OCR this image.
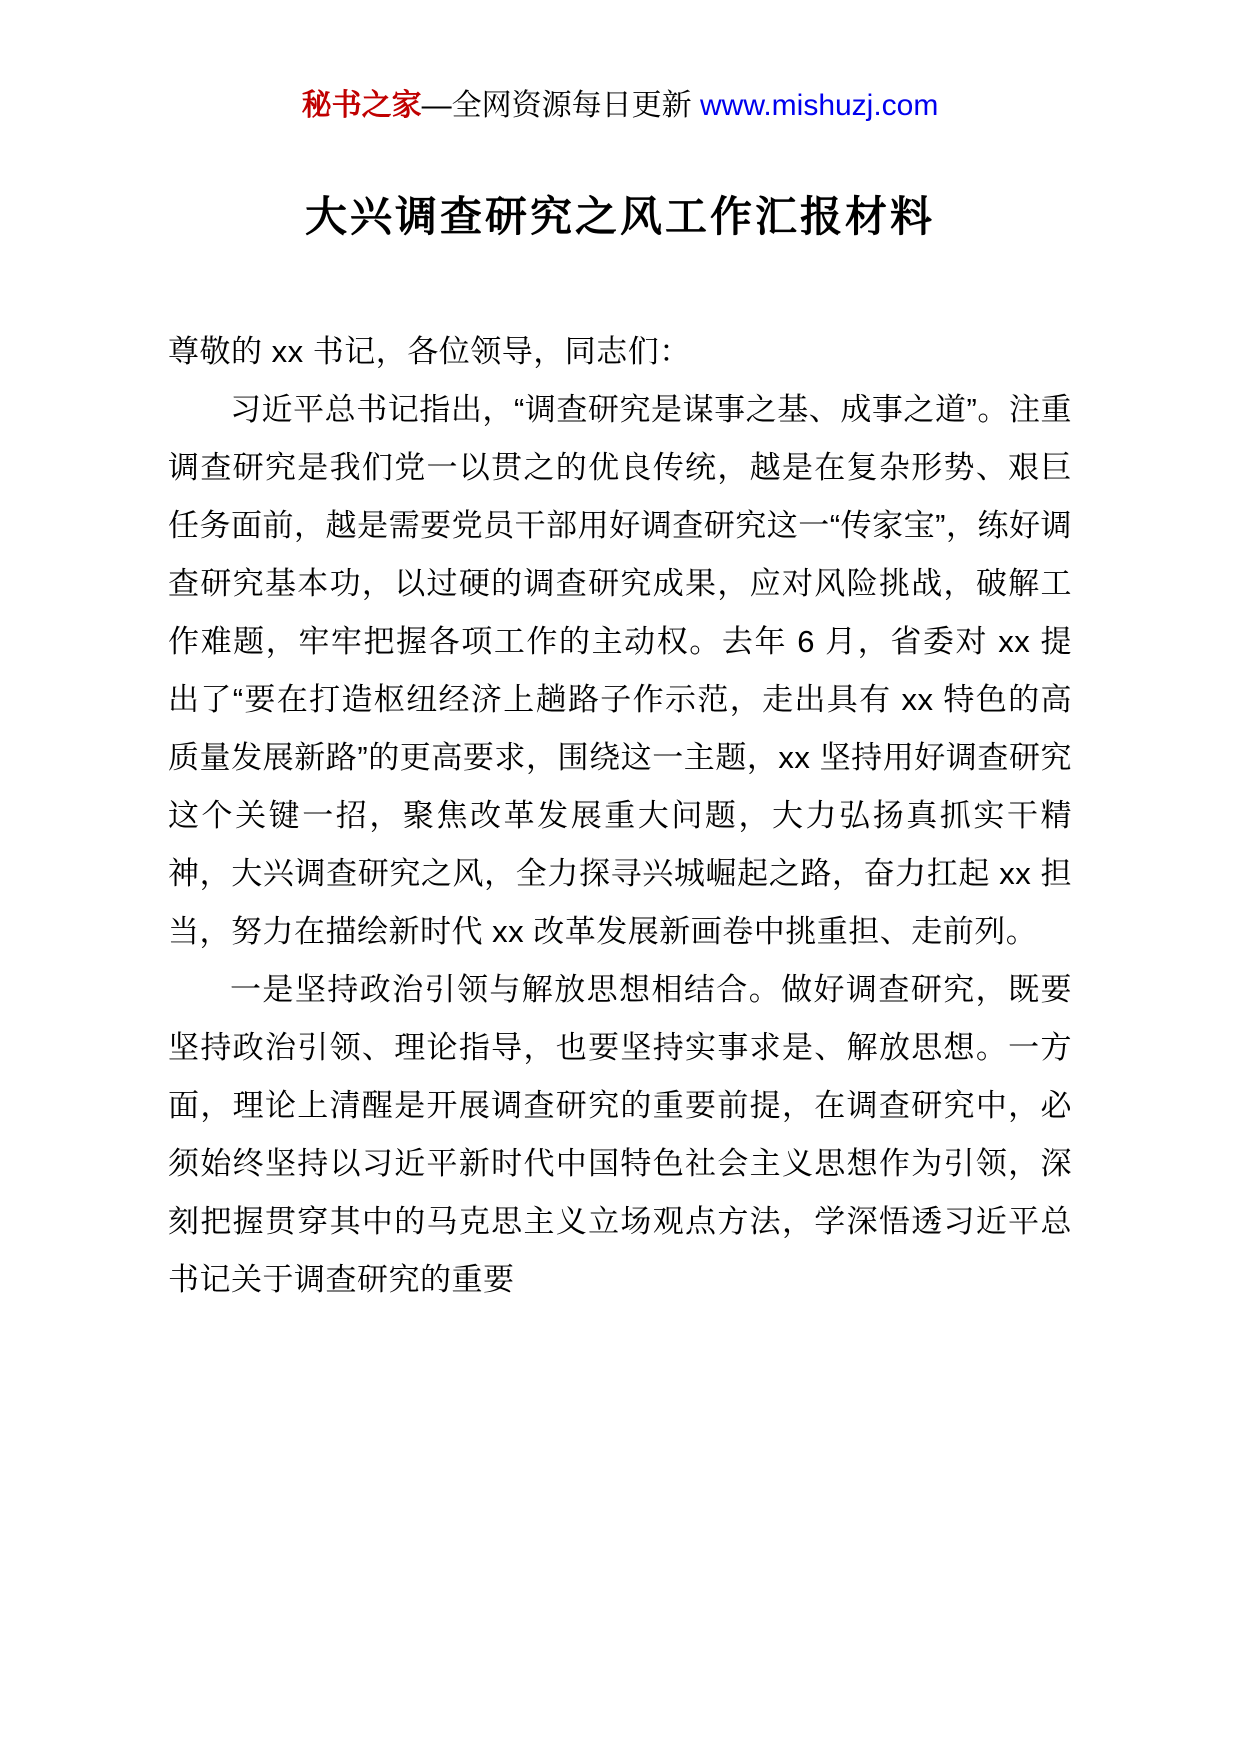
秘书之家—全网资源每日更新 www.mishuzj.com
大兴调查研究之风工作汇报材料

尊敬的 xx 书记，各位领导，同志们：

习近平总书记指出，“调查研究是谋事之基、成事之道”。注重调查研究是我们党一以贯之的优良传统，越是在复杂形势、艰巨任务面前，越是需要党员干部用好调查研究这一“传家宝”，练好调查研究基本功，以过硬的调查研究成果，应对风险挑战，破解工作难题，牢牢把握各项工作的主动权。去年 6 月，省委对 xx 提出了“要在打造枢纽经济上趟路子作示范，走出具有 xx 特色的高质量发展新路”的更高要求，围绕这一主题，xx 坚持用好调查研究这个关键一招，聚焦改革发展重大问题，大力弘扬真抓实干精神，大兴调查研究之风，全力探寻兴城崛起之路，奋力扛起 xx 担当，努力在描绘新时代 xx 改革发展新画卷中挑重担、走前列。

一是坚持政治引领与解放思想相结合。做好调查研究，既要坚持政治引领、理论指导，也要坚持实事求是、解放思想。一方面，理论上清醒是开展调查研究的重要前提，在调查研究中，必须始终坚持以习近平新时代中国特色社会主义思想作为引领，深刻把握贯穿其中的马克思主义立场观点方法，学深悟透习近平总书记关于调查研究的重要
